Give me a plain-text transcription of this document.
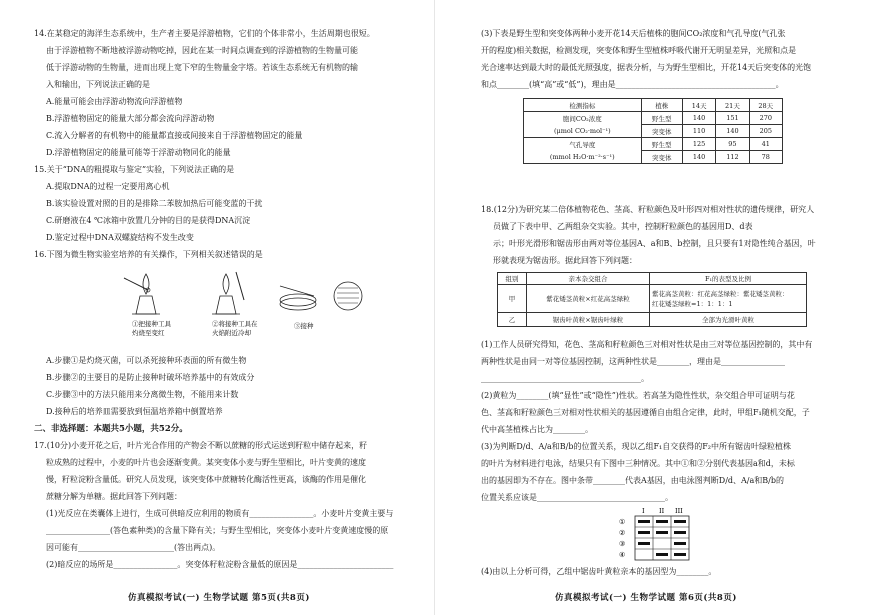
14.在某稳定的海洋生态系统中，生产者主要是浮游植物，它们的个体非常小，生活周期也很短。
由于浮游植物不断地被浮游动物吃掉，因此在某一时间点调查到的浮游植物的生物量可能
低于浮游动物的生物量，进而出现上宽下窄的生物量金字塔。若该生态系统无有机物的输
入和输出，下列说法正确的是
A.能量可能会由浮游动物流向浮游植物
B.浮游植物固定的能量大部分都会流向浮游动物
C.流入分解者的有机物中的能量都直接或间接来自于浮游植物固定的能量
D.浮游植物固定的能量可能等于浮游动物同化的能量
15.关于“DNA的粗提取与鉴定”实验，下列说法正确的是
A.提取DNA的过程一定要用离心机
B.该实验设置对照的目的是排除二苯胺加热后可能变蓝的干扰
C.研磨液在4 ℃冰箱中放置几分钟的目的是获得DNA沉淀
D.鉴定过程中DNA双螺旋结构不发生改变
16.下图为微生物实验室培养的有关操作，下列相关叙述错误的是
①把接种工具
灼烧至变红
②将接种工具在
火焰附近冷却
③接种
A.步骤①是灼烧灭菌，可以杀死接种环表面的所有微生物
B.步骤②的主要目的是防止接种时破坏培养基中的有效成分
C.步骤③中的方法只能用来分离微生物，不能用来计数
D.接种后的培养皿需要放到恒温培养箱中倒置培养
二、非选择题：本题共5小题，共52分。
17.(10分)小麦开花之后，叶片光合作用的产物会不断以蔗糖的形式运送到籽粒中储存起来，籽
粒成熟的过程中，小麦的叶片也会逐渐变黄。某突变体小麦与野生型相比，叶片变黄的速度
慢，籽粒淀粉含量低。研究人员发现，该突变体中蔗糖转化酶活性更高，该酶的作用是催化
蔗糖分解为单糖。据此回答下列问题：
(1)光反应在类囊体上进行，生成可供暗反应利用的物质有________________。小麦叶片变黄主要与
________________(答色素种类)的含量下降有关；与野生型相比，突变体小麦叶片变黄速度慢的原
因可能有________________________(答出两点)。
(2)暗反应的场所是________________。突变体籽粒淀粉含量低的原因是________________________
仿真模拟考试(一) 生物学试题 第5页(共8页)
(3)下表是野生型和突变体两种小麦开花14天后植株的胞间CO₂浓度和气孔导度(气孔张
开的程度)相关数据，检测发现，突变体和野生型植株呼吸代谢开无明显差异，光照和点是
光合速率达到最大时的最低光照强度，据表分析，与为野生型相比，开花14天后突变体的光饱
和点________(填“高”或“低”)，理由是________________________________________。
检测指标	植株	14天	21天	28天
胞间CO₂浓度	野生型	140	151	270
(μmol CO₂·mol⁻¹)	突变体	110	140	205
气孔导度	野生型	125	95	41
(mmol H₂O·m⁻²·s⁻¹)	突变体	140	112	78
18.(12分)为研究某二倍体植物花色、茎高、籽粒颜色及叶形四对相对性状的遗传规律，研究人
员做了下表中甲、乙两组杂交实验。其中，控制籽粒颜色的基因用D、d表
示；叶形光滑形和锯齿形由两对等位基因A、a和B、b控制，且只要有1对隐性纯合基因，叶
形就表现为锯齿形。据此回答下列问题：
组别	亲本杂交组合	F₁的表型及比例
甲	紫花矮茎黄粒×红花高茎绿粒	紫花高茎黄粒：红花高茎绿粒：紫花矮茎黄粒：
红花矮茎绿粒=1：1：1：1

乙	锯齿叶黄粒×锯齿叶绿粒	全部为光滑叶黄粒
(1)工作人员研究得知，花色、茎高和籽粒颜色三对相对性状是由三对等位基因控制的，其中有
两种性状是由同一对等位基因控制，这两种性状是________，理由是________________
________________________________________。
(2)黄粒为________(填“显性”或“隐性”)性状。若高茎为隐性性状，杂交组合甲可证明与花
色、茎高和籽粒颜色三对相对性状相关的基因遵循自由组合定律，此时，甲组F₁随机交配，子
代中高茎植株占比为________。
(3)为判断D/d、A/a和B/b的位置关系，现以乙组F₁自交获得的F₂中所有锯齿叶绿粒植株
的叶片为材料进行电泳，结果只有下图中三种情况。其中①和②分别代表基因a和d，未标
出的基因即为不存在。图中条带________代表A基因，由电泳图判断D/d、A/a和B/b的
位置关系应该是________________________________。
I II III
①
②
③
④
(4)由以上分析可得，乙组中锯齿叶黄粒亲本的基因型为________。
仿真模拟考试(一) 生物学试题 第6页(共8页)
